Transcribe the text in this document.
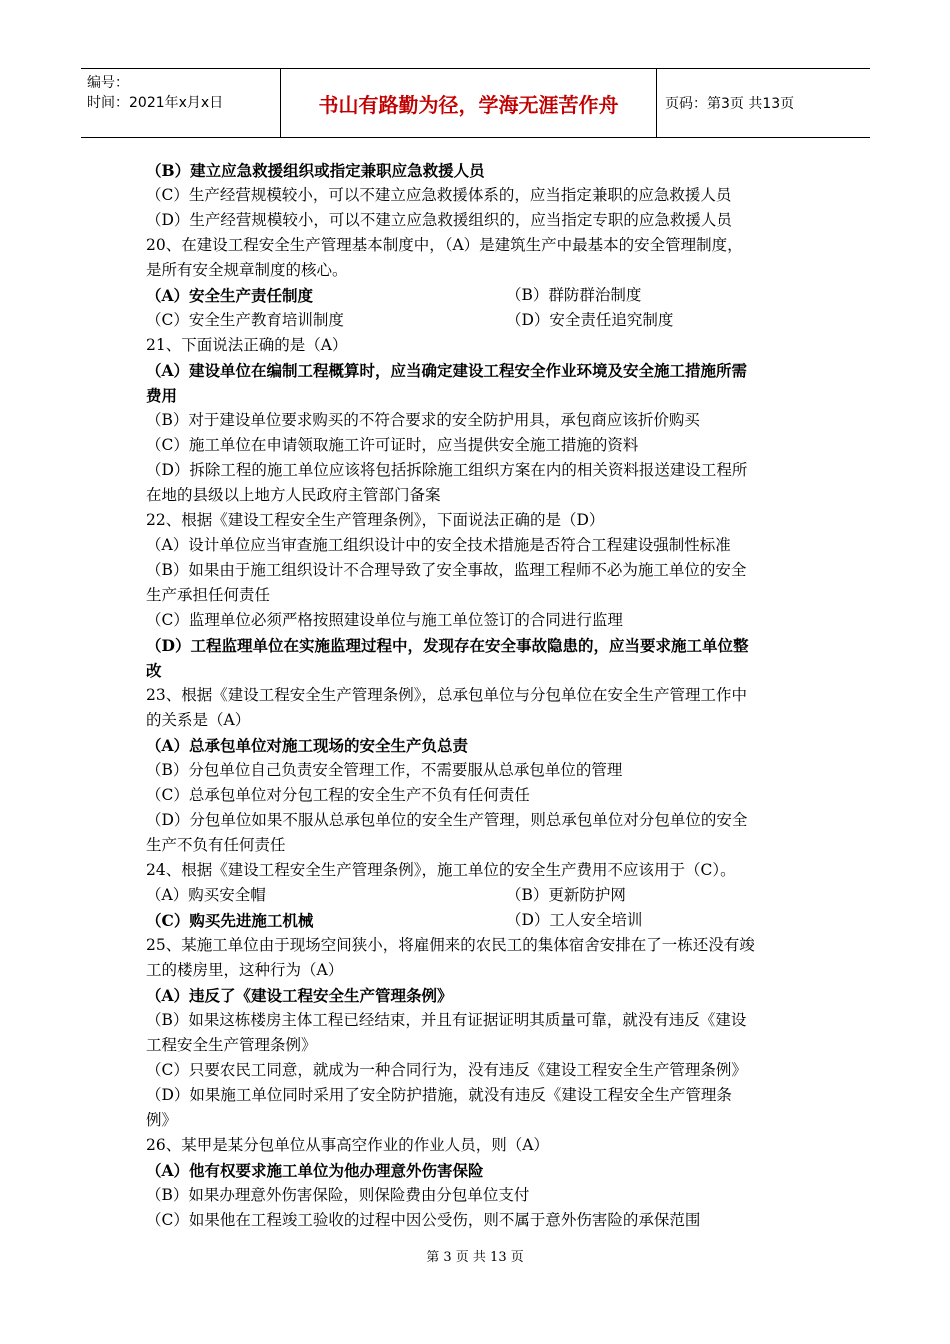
编号：
时间：2021年x月x日	书山有路勤为径，学海无涯苦作舟	页码：第3页 共13页
（B）建立应急救援组织或指定兼职应急救援人员
（C）生产经营规模较小，可以不建立应急救援体系的，应当指定兼职的应急救援人员
（D）生产经营规模较小，可以不建立应急救援组织的，应当指定专职的应急救援人员
20、在建设工程安全生产管理基本制度中，（A）是建筑生产中最基本的安全管理制度，
是所有安全规章制度的核心。
（A）安全生产责任制度	（B）群防群治制度
（C）安全生产教育培训制度	（D）安全责任追究制度
21、下面说法正确的是（A）
（A）建设单位在编制工程概算时，应当确定建设工程安全作业环境及安全施工措施所需
费用
（B）对于建设单位要求购买的不符合要求的安全防护用具，承包商应该折价购买
（C）施工单位在申请领取施工许可证时，应当提供安全施工措施的资料
（D）拆除工程的施工单位应该将包括拆除施工组织方案在内的相关资料报送建设工程所
在地的县级以上地方人民政府主管部门备案
22、根据《建设工程安全生产管理条例》，下面说法正确的是（D）
（A）设计单位应当审查施工组织设计中的安全技术措施是否符合工程建设强制性标准
（B）如果由于施工组织设计不合理导致了安全事故，监理工程师不必为施工单位的安全
生产承担任何责任
（C）监理单位必须严格按照建设单位与施工单位签订的合同进行监理
（D）工程监理单位在实施监理过程中，发现存在安全事故隐患的，应当要求施工单位整
改
23、根据《建设工程安全生产管理条例》，总承包单位与分包单位在安全生产管理工作中
的关系是（A）
（A）总承包单位对施工现场的安全生产负总责
（B）分包单位自己负责安全管理工作，不需要服从总承包单位的管理
（C）总承包单位对分包工程的安全生产不负有任何责任
（D）分包单位如果不服从总承包单位的安全生产管理，则总承包单位对分包单位的安全
生产不负有任何责任
24、根据《建设工程安全生产管理条例》，施工单位的安全生产费用不应该用于（C）。
（A）购买安全帽	（B）更新防护网
（C）购买先进施工机械	（D）工人安全培训
25、某施工单位由于现场空间狭小，将雇佣来的农民工的集体宿舍安排在了一栋还没有竣
工的楼房里，这种行为（A）
（A）违反了《建设工程安全生产管理条例》
（B）如果这栋楼房主体工程已经结束，并且有证据证明其质量可靠，就没有违反《建设
工程安全生产管理条例》
（C）只要农民工同意，就成为一种合同行为，没有违反《建设工程安全生产管理条例》
（D）如果施工单位同时采用了安全防护措施，就没有违反《建设工程安全生产管理条
例》
26、某甲是某分包单位从事高空作业的作业人员，则（A）
（A）他有权要求施工单位为他办理意外伤害保险
（B）如果办理意外伤害保险，则保险费由分包单位支付
（C）如果他在工程竣工验收的过程中因公受伤，则不属于意外伤害险的承保范围
第 3 页 共 13 页
